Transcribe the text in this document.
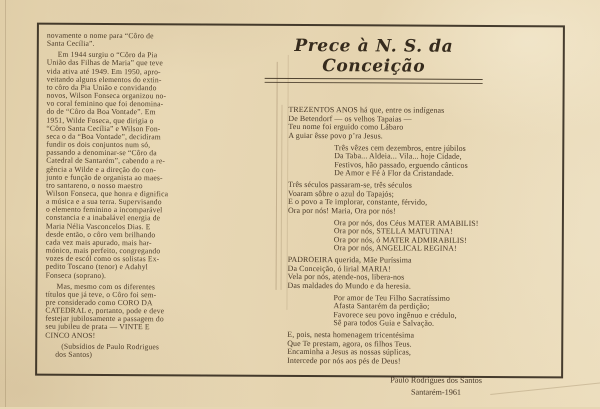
novamente o nome para “Côro de
Santa Cecília”.

Em 1944 surgiu o “Côro da Pia
União das Filhas de Maria” que teve
vida ativa até 1949. Em 1950, apro-
veitando alguns elementos do extin-
to côro da Pia União e convidando
novos, Wilson Fonseca organizou no-
vo coral feminino que foi denomina-
do de “Côro da Boa Vontade”. Em
1951, Wilde Foseca, que dirigia o
“Côro Santa Cecília” e Wilson Fon-
seca o da “Boa Vontade”, decidiram
fundir os dois conjuntos num só,
passando a denominar-se “Côro da
Catedral de Santarém”, cabendo a re-
gência a Wilde e a direção do con-
junto e função de organista ao maes-
tro santareno, o nosso maestro
Wilson Fonseca, que honra e dignifica
a música e a sua terra. Supervisando
o elemento feminino a incomparável
constancia e a inabalável energia de
Maria Nélia Vasconcelos Dias. E
desde então, o côro vem brilhando
cada vez mais apurado, mais har-
mónico, mais perfeito, congregando
vozes de escól como os solistas Ex-
pedito Toscano (tenor) e Adahyl
Fonseca (soprano).

Mas, mesmo com os diferentes
títulos que já teve, o Côro foi sem-
pre considerado como CORO DA
CATEDRAL e, portanto, pode e deve
festejar jubilosamente a passagem do
seu jubileu de prata — VINTE E
CINCO ANOS!

(Subsídios de Paulo Rodrigues
dos Santos)

Prece à N. S. da Conceição

TREZENTOS ANOS há que, entre os indígenas
De Betendorf — os velhos Tapaias —
Teu nome foi erguido como Lábaro
A guiar êsse povo p’ra Jesus.

Três vêzes cem dezembros, entre júbilos
Da Taba... Aldeia... Vila... hoje Cidade,
Festivos, hão passado, erguendo cânticos
De Amor e Fé à Flor da Cristandade.

Três séculos passaram-se, três séculos
Voaram sôbre o azul do Tapajós;
E o povo a Te implorar, constante, férvido,
Ora por nós! Maria, Ora por nós!

Ora por nós, dos Céus MATER AMABILIS!
Ora por nós, STELLA MATUTINA!
Ora por nós, ó MATER ADMIRABILIS!
Ora por nós, ANGELICAL REGINA!

PADROEIRA querida, Mãe Puríssima
Da Conceição, ó lirial MARIA!
Vela por nós, atende-nos, libera-nos
Das maldades do Mundo e da heresia.

Por amor de Teu Filho Sacratíssimo
Afasta Santarém da perdição;
Favorece seu povo ingênuo e crédulo,
Sê para todos Guia e Salvação.

E, pois, nesta homenagem tricentésima
Que Te prestam, agora, os filhos Teus.
Encaminha a Jesus as nossas súplicas,
Intercede por nós aos pés de Deus!

Paulo Rodrigues dos Santos
Santarém-1961
